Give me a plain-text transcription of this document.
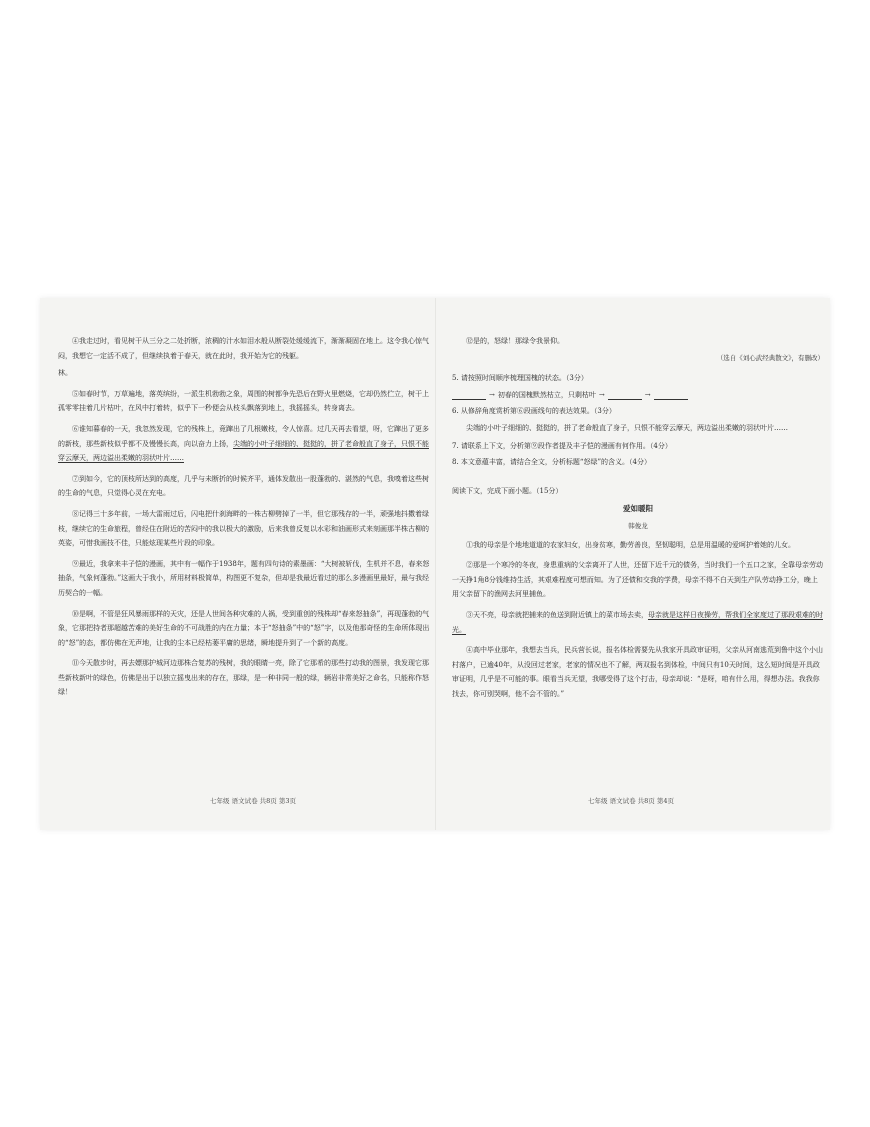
④我走过时，看见树干从三分之二处折断，浓稠的汁水如泪水般从断裂处缓缓流下，渐渐凝固在地上。这令我心惊气闷，我想它一定活不成了，但继续执着于春天，就在此时，我开始为它的残躯。

林。

⑤如春时节，万草遍地，落英缤纷，一派生机勃勃之象，周围的树都争先恐后在野火里燃烧，它却仍然伫立，树干上孤零零挂着几片枯叶，在风中打着转，似乎下一秒便会从枝头飘落到地上，我摇摇头，转身离去。

⑥谁知暮春的一天，我忽然发现，它的残株上，竟蹿出了几根嫩枝，令人惊喜。过几天再去看望，呀，它蹿出了更多的新枝，那些新枝似乎都不及慢慢长高，向以奋力上扬，尖端的小叶子细细的、挺挺的，拼了老命般直了身子，只恨不能穿云摩天，两边溢出柔嫩的羽状叶片……

⑦到如今，它的顶枝所达到的高度，几乎与未断折的时候齐平，通体发散出一股蓬勃的、湛然的气息，我嗅着这些树的生命的气息，只觉得心灵在充电。

⑧记得三十多年前，一场大雷雨过后，闪电把什刹海畔的一株古柳劈掉了一半，但它那残存的一半，顽强地抖擞着绿枝，继续它的生命旅程，曾经住在附近的苦闷中的我以极大的激励，后来我曾反复以水彩和油画形式来刻画那半株古柳的英姿，可惜我画技不佳，只能炫现某些片段的印象。

⑨最近，我拿来丰子恺的漫画，其中有一幅作于1938年，题有四句诗的素墨画：“大树被斩伐，生机并不息，春来怒抽条，气象何蓬勃。”这画大于我小，所用材料极简单，构图更不复杂，但却是我最近看过的那么多漫画里最好，最与我经历契合的一幅。

⑩是啊，不管是狂风暴雨那样的天灾，还是人世间各种灾难的人祸，受到重创的残株却“春来怒抽条”，再现蓬勃的气象，它那把持者那超越苦难的美好生命的不可战胜的内在力量；本于“怒抽条”中的“怒”字，以及他那奇怪的生命所体现出的“怒”的态，都仿佛在无声地，让我的尘本已经枯萎平庸的思绪，瞬地提升到了一个新的高度。

⑪今天散步时，再去嫖那护城河边那株合复苏的残树，我的眼睛一亮，除了它那希的那些打动我的图景，我发现它那些新枝新叶的绿色，仿佛是出于以独立摇曳出来的存在，那绿，是一种非同一般的绿，辆岩非常美好之命名，只能称作怒绿！

七年级 语文试卷 共8页 第3页

⑫是的，怒绿！那绿令我景仰。

（选自《刘心武经典散文》，有删改）

5. 请按照时间顺序梳理国槐的状态。（3分）

→ 初春的国槐默然枯立，只剩枯叶 →	→

6. 从修辞角度赏析第⑥段画线句的表达效果。（3分）

尖端的小叶子细细的、挺挺的，拼了老命般直了身子，只恨不能穿云摩天，两边溢出柔嫩的羽状叶片……

7. 请联系上下文，分析第⑨段作者提及丰子恺的漫画有何作用。（4分）

8. 本文意蕴丰富，请结合全文，分析标题“怒绿”的含义。（4分）

阅读下文，完成下面小题。（15分）

爱如暖阳

韩俊龙

①我的母亲是个地地道道的农家妇女，出身贫寒，勤劳善良，坚韧聪明，总是用温暖的爱呵护着她的儿女。

②那是一个寒冷的冬夜，身患重病的父亲离开了人世，还留下近千元的债务，当时我们一个五口之家，全靠母亲劳动一天挣1角8分钱维持生活，其艰难程度可想而知。为了还债和交我的学费，母亲不得不白天到生产队劳动挣工分，晚上用父亲留下的渔网去河里捕鱼。

③天不亮，母亲就把捕来的鱼送到附近镇上的菜市场去卖，母亲就是这样日夜操劳，帮我们全家度过了那段艰难的时光。

④高中毕业那年，我想去当兵，民兵营长说，报名体检需要先从我家开具政审证明，父亲从河南逃荒到鲁中这个小山村落户，已逾40年，从没回过老家，老家的情况也不了解，两双报名到体检，中间只有10天时间，这么短时间是开具政审证明，几乎是不可能的事。眼看当兵无望，我哪受得了这个打击，母亲却说：“是呀，咱有什么用，得想办法。我我你找去，你可别哭啊，他不会不管的。”

七年级 语文试卷 共8页 第4页
